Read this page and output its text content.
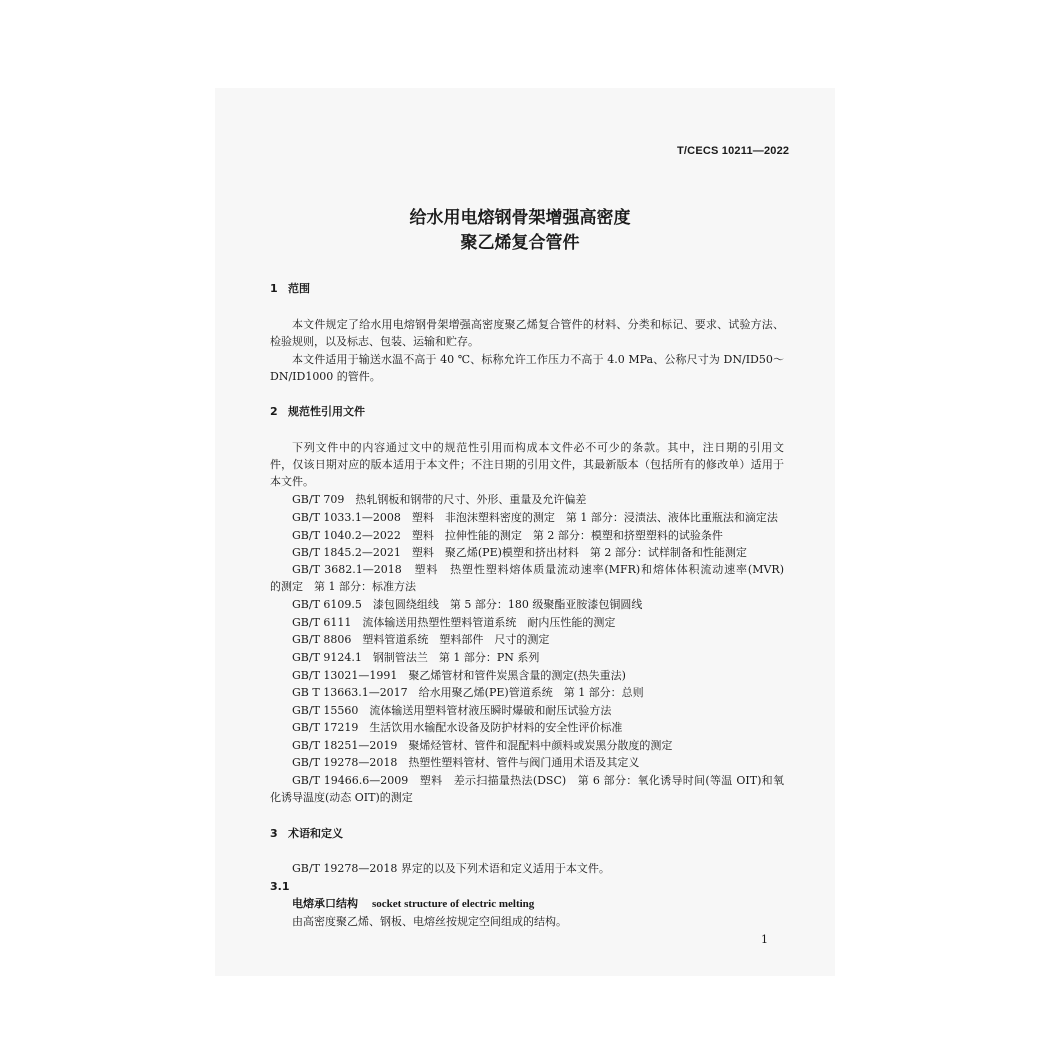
T/CECS 10211—2022
给水用电熔钢骨架增强高密度
聚乙烯复合管件
1 范围
本文件规定了给水用电熔钢骨架增强高密度聚乙烯复合管件的材料、分类和标记、要求、试验方法、
检验规则，以及标志、包装、运输和贮存。
本文件适用于输送水温不高于 40 ℃、标称允许工作压力不高于 4.0 MPa、公称尺寸为 DN/ID50～
DN/ID1000 的管件。
2 规范性引用文件
下列文件中的内容通过文中的规范性引用而构成本文件必不可少的条款。其中，注日期的引用文
件，仅该日期对应的版本适用于本文件；不注日期的引用文件，其最新版本（包括所有的修改单）适用于
本文件。
GB/T 709　热轧钢板和钢带的尺寸、外形、重量及允许偏差
GB/T 1033.1—2008　塑料　非泡沫塑料密度的测定　第 1 部分：浸渍法、液体比重瓶法和滴定法
GB/T 1040.2—2022　塑料　拉伸性能的测定　第 2 部分：模塑和挤塑塑料的试验条件
GB/T 1845.2—2021　塑料　聚乙烯(PE)模塑和挤出材料　第 2 部分：试样制备和性能测定
GB/T 3682.1—2018　塑料　热塑性塑料熔体质量流动速率(MFR)和熔体体积流动速率(MVR)
的测定　第 1 部分：标准方法
GB/T 6109.5　漆包圆绕组线　第 5 部分：180 级聚酯亚胺漆包铜圆线
GB/T 6111　流体输送用热塑性塑料管道系统　耐内压性能的测定
GB/T 8806　塑料管道系统　塑料部件　尺寸的测定
GB/T 9124.1　钢制管法兰　第 1 部分：PN 系列
GB/T 13021—1991　聚乙烯管材和管件炭黑含量的测定(热失重法)
GB T 13663.1—2017　给水用聚乙烯(PE)管道系统　第 1 部分：总则
GB/T 15560　流体输送用塑料管材液压瞬时爆破和耐压试验方法
GB/T 17219　生活饮用水输配水设备及防护材料的安全性评价标准
GB/T 18251—2019　聚烯烃管材、管件和混配料中颜料或炭黑分散度的测定
GB/T 19278—2018　热塑性塑料管材、管件与阀门通用术语及其定义
GB/T 19466.6—2009　塑料　差示扫描量热法(DSC)　第 6 部分：氧化诱导时间(等温 OIT)和氧
化诱导温度(动态 OIT)的测定
3 术语和定义
GB/T 19278—2018 界定的以及下列术语和定义适用于本文件。
3.1
电熔承口结构 socket structure of electric melting
由高密度聚乙烯、钢板、电熔丝按规定空间组成的结构。
1
